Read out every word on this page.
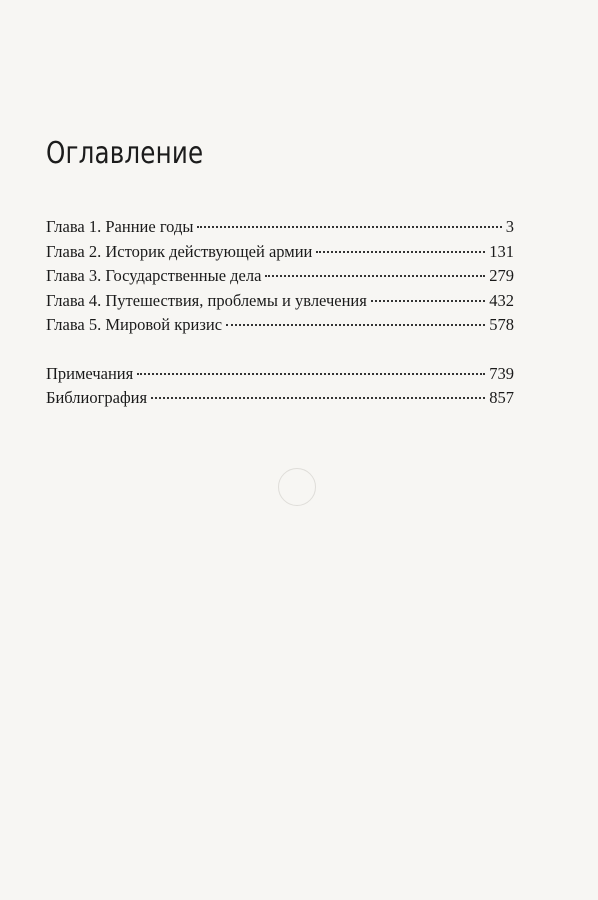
Оглавление
Глава 1. Ранние годы	3
Глава 2. Историк действующей армии	131
Глава 3. Государственные дела	279
Глава 4. Путешествия, проблемы и увлечения	432
Глава 5. Мировой кризис	578
Примечания	739
Библиография	857
